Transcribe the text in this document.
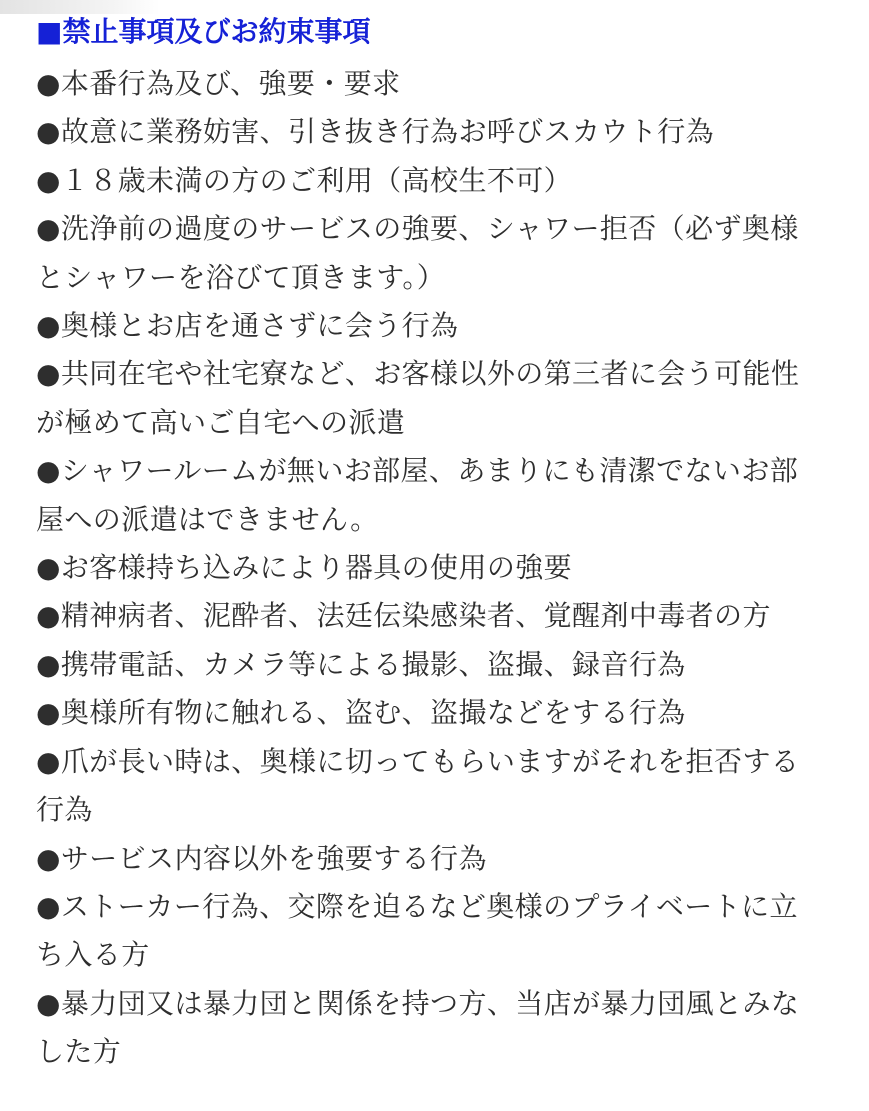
■禁止事項及びお約束事項
●本番行為及び、強要・要求
●故意に業務妨害、引き抜き行為お呼びスカウト行為
●１８歳未満の方のご利用（高校生不可）
●洗浄前の過度のサービスの強要、シャワー拒否（必ず奥様とシャワーを浴びて頂きます。）
●奥様とお店を通さずに会う行為
●共同在宅や社宅寮など、お客様以外の第三者に会う可能性が極めて高いご自宅への派遣
●シャワールームが無いお部屋、あまりにも清潔でないお部屋への派遣はできません。
●お客様持ち込みにより器具の使用の強要
●精神病者、泥酔者、法廷伝染感染者、覚醒剤中毒者の方
●携帯電話、カメラ等による撮影、盗撮、録音行為
●奥様所有物に触れる、盗む、盗撮などをする行為
●爪が長い時は、奥様に切ってもらいますがそれを拒否する行為
●サービス内容以外を強要する行為
●ストーカー行為、交際を迫るなど奥様のプライベートに立ち入る方
●暴力団又は暴力団と関係を持つ方、当店が暴力団風とみなした方
